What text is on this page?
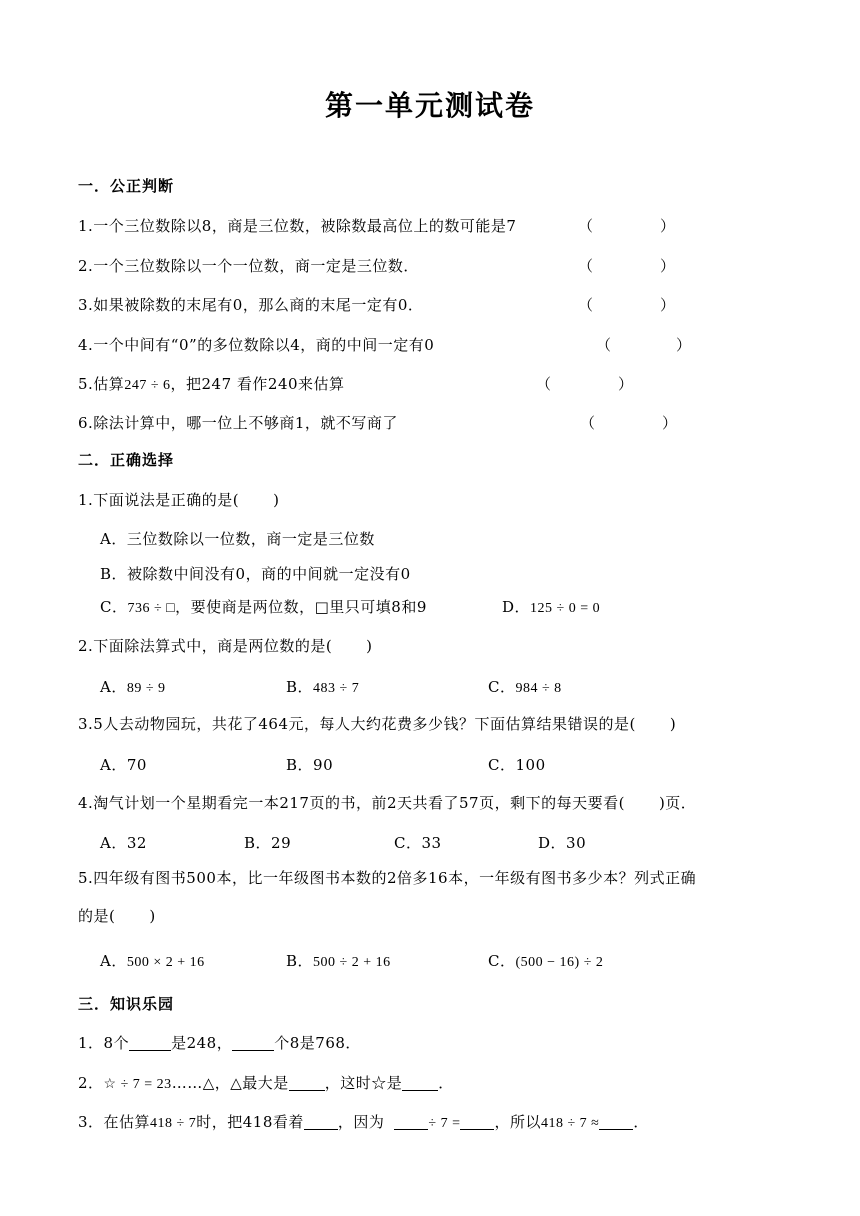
第一单元测试卷
一．公正判断
1.一个三位数除以8，商是三位数，被除数最高位上的数可能是7	（	）
2.一个三位数除以一个一位数，商一定是三位数．	（	）
3.如果被除数的末尾有0，那么商的末尾一定有0．	（	）
4.一个中间有“0”的多位数除以4，商的中间一定有0	（	）
5.估算247 ÷ 6，把247 看作240来估算	（	）
6.除法计算中，哪一位上不够商1，就不写商了	（	）
二．正确选择
1.下面说法是正确的是( )
A．三位数除以一位数，商一定是三位数
B．被除数中间没有0，商的中间就一定没有0
C．736 ÷ □，要使商是两位数，□里只可填8和9	D．125 ÷ 0 = 0
2.下面除法算式中，商是两位数的是( )
A．89 ÷ 9	B．483 ÷ 7	C．984 ÷ 8
3.5人去动物园玩，共花了464元，每人大约花费多少钱？下面估算结果错误的是( )
A．70	B．90	C．100
4.淘气计划一个星期看完一本217页的书，前2天共看了57页，剩下的每天要看( )页．
A．32	B．29	C．33	D．30
5.四年级有图书500本，比一年级图书本数的2倍多16本，一年级有图书多少本？列式正确
的是( )
A．500 × 2 + 16	B．500 ÷ 2 + 16	C．(500 − 16) ÷ 2
三．知识乐园
1．8个	是248，	个8是768．
2．☆ ÷ 7 = 23……△，△最大是 ，这时☆是 ．
3．在估算418 ÷ 7时，把418看着 ，因为	÷ 7 = ，所以418 ÷ 7 ≈ ．
